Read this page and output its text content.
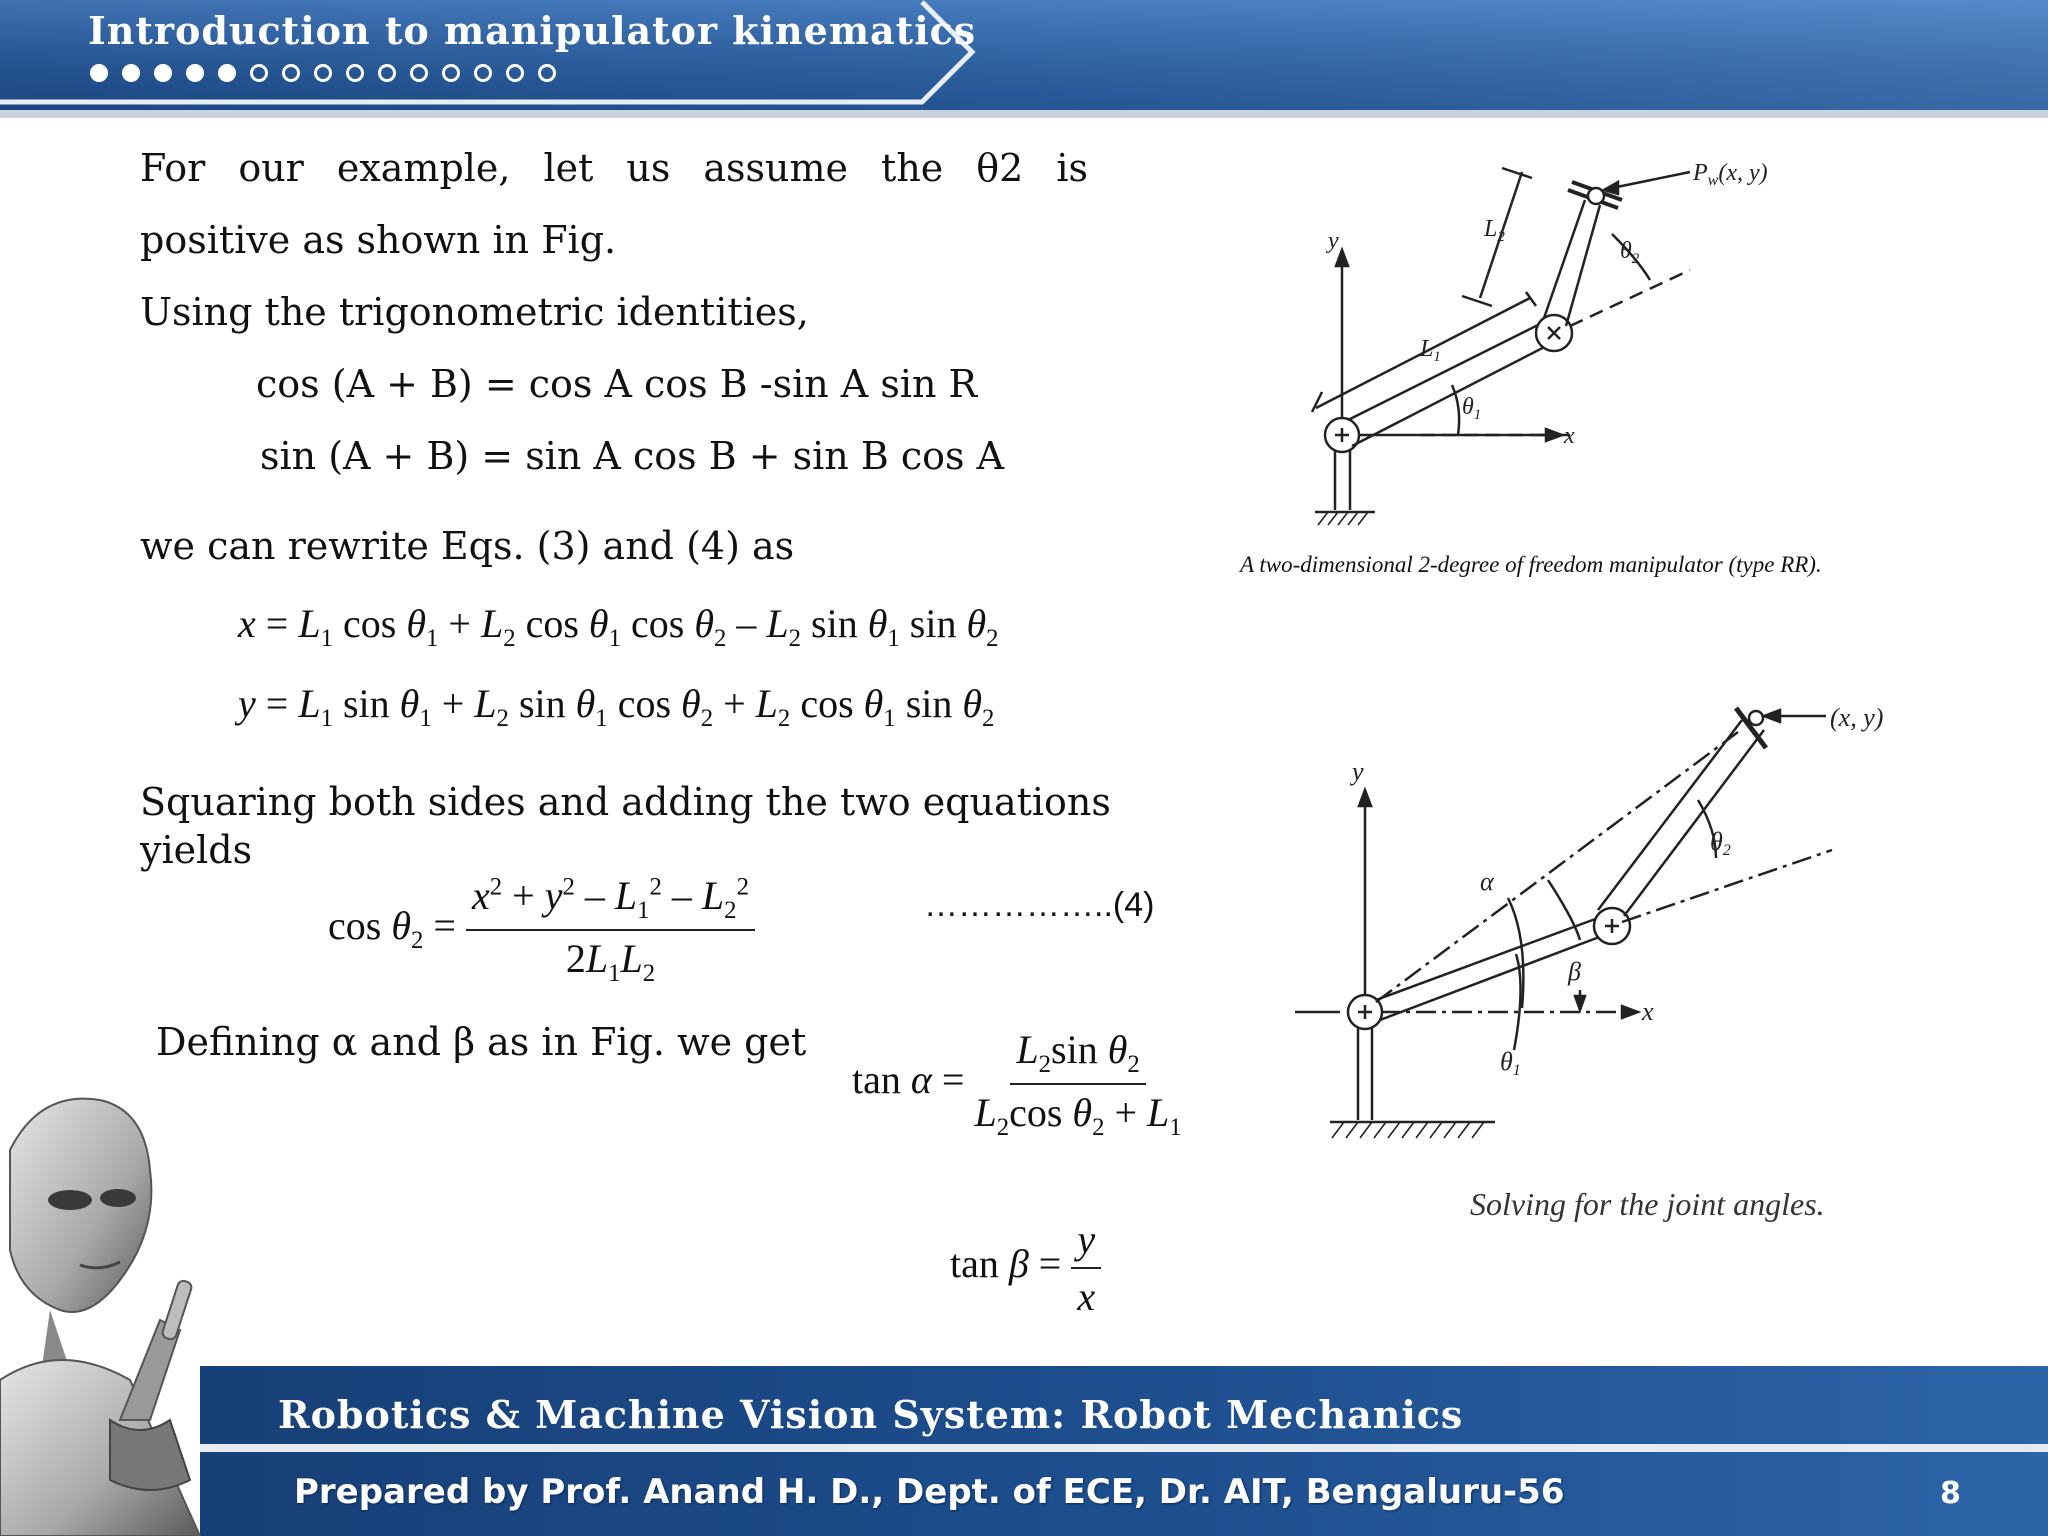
Introduction to manipulator kinematics
For our example, let us assume the θ2 is
positive as shown in Fig.
Using the trigonometric identities,
cos (A + B) = cos A cos B -sin A sin R
sin (A + B) = sin A cos B + sin B cos A
we can rewrite Eqs. (3) and (4) as
$x = L_1$ $\cos \theta_1 + L_2$ $\cos \theta_1$ $\cos \theta_2 - L_2$ $\sin \theta_1$ $\sin \theta_2$
$y = L_1$ $\sin \theta_1 + L_2$ $\sin \theta_1$ $\cos \theta_2 + L_2$ $\cos \theta_1$ $\sin \theta_2$
Squaring both sides and adding the two equations
yields
$\cos \theta_2 = \frac{x^2 + y^2 - L_1^2 - L_2^2}{2L_1L_2}$	……………..(4)
Defining α and β as in Fig. we get
$\tan \alpha = \frac{L_2\sin \theta_2}{L_2\cos \theta_2 + L_1}$
$\tan \beta = \frac{y}{x}$
$P_w(x$, y)
y
x
$L_1$
$L_2$
$\theta_1$
$\theta_2$
A two-dimensional 2-degree of freedom manipulator (type RR).
(x, y)
y
x
α
β
θ1
θ2
Solving for the joint angles.
Robotics & Machine Vision System: Robot Mechanics
Prepared by Prof. Anand H. D., Dept. of ECE, Dr. AIT, Bengaluru-56	8
